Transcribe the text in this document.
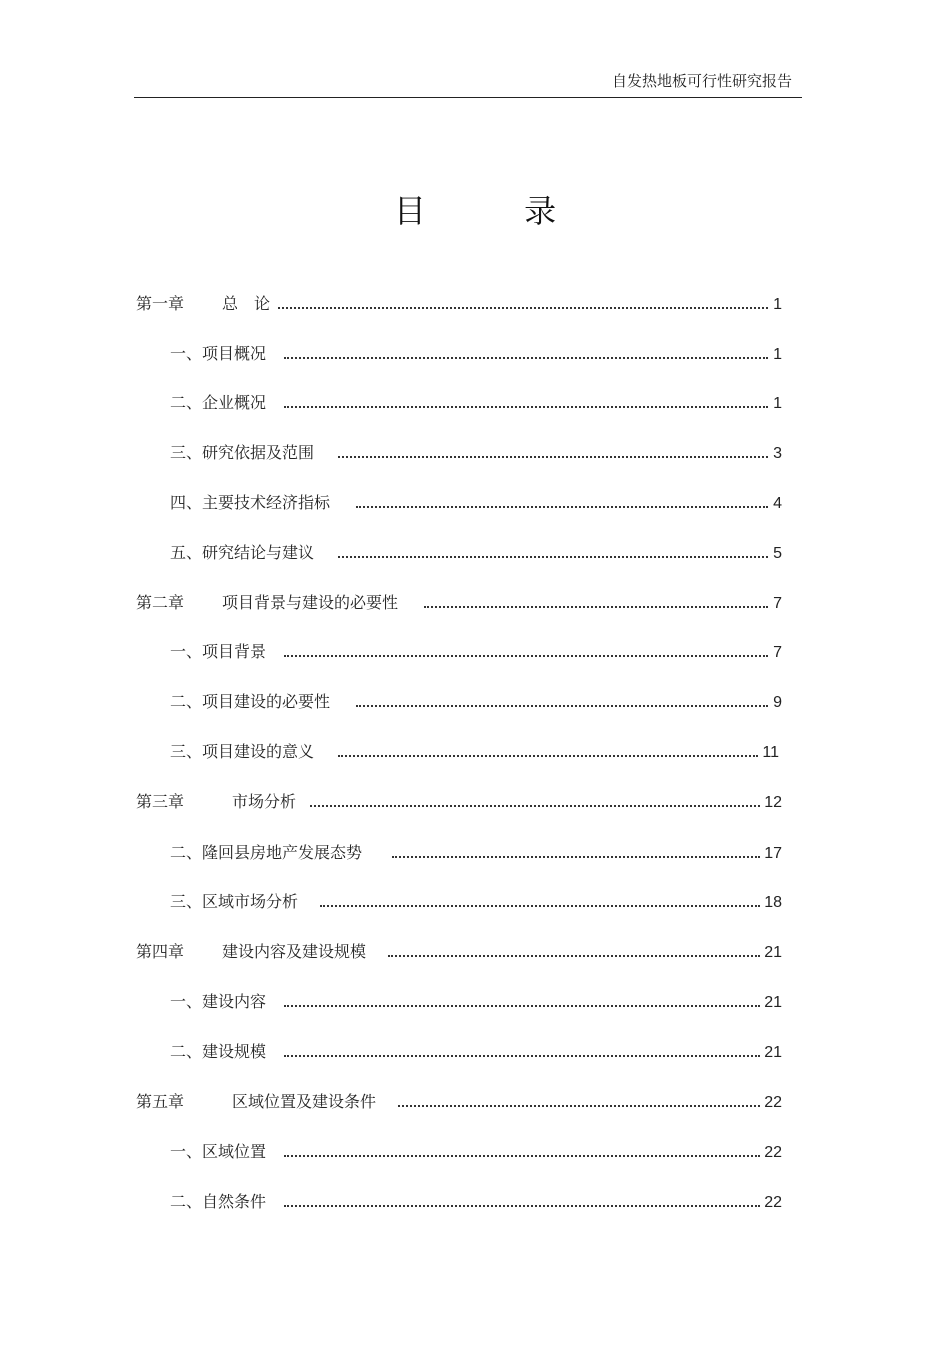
自发热地板可行性研究报告
目 录
第一章 总　论	1
一、 项目概况	1
二、 企业概况	1
三、 研究依据及范围	3
四、 主要技术经济指标	4
五、 研究结论与建议	5
第二章 项目背景与建设的必要性	7
一、 项目背景	7
二、 项目建设的必要性	9
三、 项目建设的意义	11
第三章	市场分析	12
二、 隆回县房地产发展态势	17
三、 区域市场分析	18
第四章 建设内容及建设规模	21
一、 建设内容	21
二、 建设规模	21
第五章	区域位置及建设条件	22
一、 区域位置	22
二、 自然条件	22
